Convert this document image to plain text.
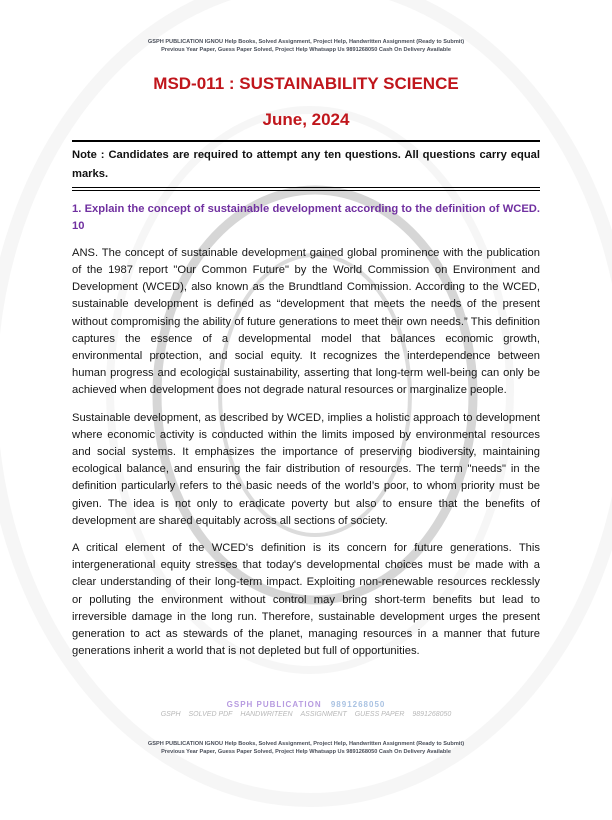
GSPH PUBLICATION IGNOU Help Books, Solved Assignment, Project Help, Handwritten Assignment (Ready to Submit)
Previous Year Paper, Guess Paper Solved, Project Help Whatsapp Us 9891268050 Cash On Delivery Available
MSD-011 : SUSTAINABILITY SCIENCE
June, 2024
Note : Candidates are required to attempt any ten questions. All questions carry equal marks.
1. Explain the concept of sustainable development according to the definition of WCED. 10

ANS. The concept of sustainable development gained global prominence with the publication of the 1987 report "Our Common Future" by the World Commission on Environment and Development (WCED), also known as the Brundtland Commission. According to the WCED, sustainable development is defined as “development that meets the needs of the present without compromising the ability of future generations to meet their own needs.” This definition captures the essence of a developmental model that balances economic growth, environmental protection, and social equity. It recognizes the interdependence between human progress and ecological sustainability, asserting that long-term well-being can only be achieved when development does not degrade natural resources or marginalize people.

Sustainable development, as described by WCED, implies a holistic approach to development where economic activity is conducted within the limits imposed by environmental resources and social systems. It emphasizes the importance of preserving biodiversity, maintaining ecological balance, and ensuring the fair distribution of resources. The term "needs" in the definition particularly refers to the basic needs of the world’s poor, to whom priority must be given. The idea is not only to eradicate poverty but also to ensure that the benefits of development are shared equitably across all sections of society.

A critical element of the WCED's definition is its concern for future generations. This intergenerational equity stresses that today's developmental choices must be made with a clear understanding of their long-term impact. Exploiting non-renewable resources recklessly or polluting the environment without control may bring short-term benefits but lead to irreversible damage in the long run. Therefore, sustainable development urges the present generation to act as stewards of the planet, managing resources in a manner that future generations inherit a world that is not depleted but full of opportunities.

GSPH PUBLICATION 9891268050
GSPH SOLVED PDF HANDWRITEEN ASSIGNMENT GUESS PAPER 9891268050
GSPH PUBLICATION IGNOU Help Books, Solved Assignment, Project Help, Handwritten Assignment (Ready to Submit)
Previous Year Paper, Guess Paper Solved, Project Help Whatsapp Us 9891268050 Cash On Delivery Available
